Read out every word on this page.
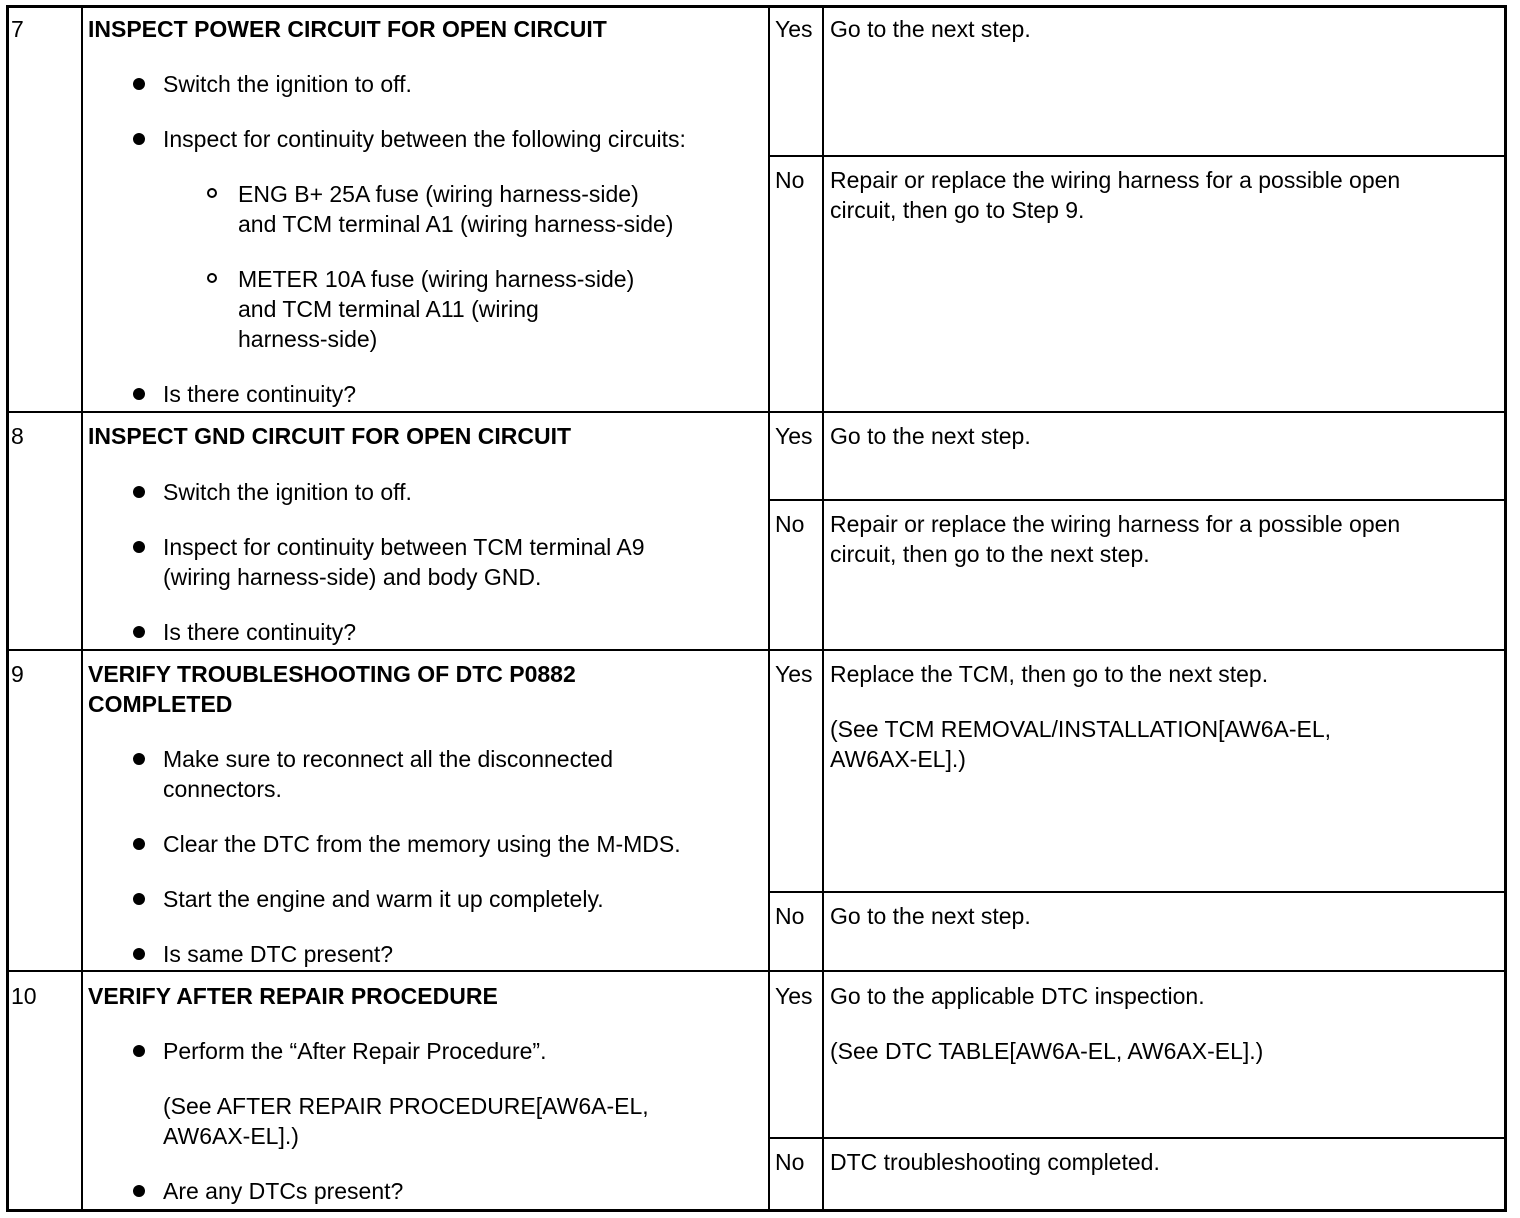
7	INSPECT POWER CIRCUIT FOR OPEN CIRCUIT
Switch the ignition to off.
Inspect for continuity between the following circuits:
ENG B+ 25A fuse (wiring harness-side)
and TCM terminal A1 (wiring harness-side)
METER 10A fuse (wiring harness-side)
and TCM terminal A11 (wiring
harness-side)
Is there continuity?
Yes Go to the next step.
No Repair or replace the wiring harness for a possible open
circuit, then go to Step 9.
8	INSPECT GND CIRCUIT FOR OPEN CIRCUIT
Switch the ignition to off.
Inspect for continuity between TCM terminal A9
(wiring harness-side) and body GND.
Is there continuity?
Yes Go to the next step.
No Repair or replace the wiring harness for a possible open
circuit, then go to the next step.
9	VERIFY TROUBLESHOOTING OF DTC P0882
COMPLETED
Make sure to reconnect all the disconnected
connectors.
Clear the DTC from the memory using the M-MDS.
Start the engine and warm it up completely.
Is same DTC present?
Yes Replace the TCM, then go to the next step.
(See TCM REMOVAL/INSTALLATION[AW6A-EL,
AW6AX-EL].)
No Go to the next step.
10 VERIFY AFTER REPAIR PROCEDURE
Perform the “After Repair Procedure”.
(See AFTER REPAIR PROCEDURE[AW6A-EL,
AW6AX-EL].)
Are any DTCs present?
Yes Go to the applicable DTC inspection.
(See DTC TABLE[AW6A-EL, AW6AX-EL].)
No DTC troubleshooting completed.
